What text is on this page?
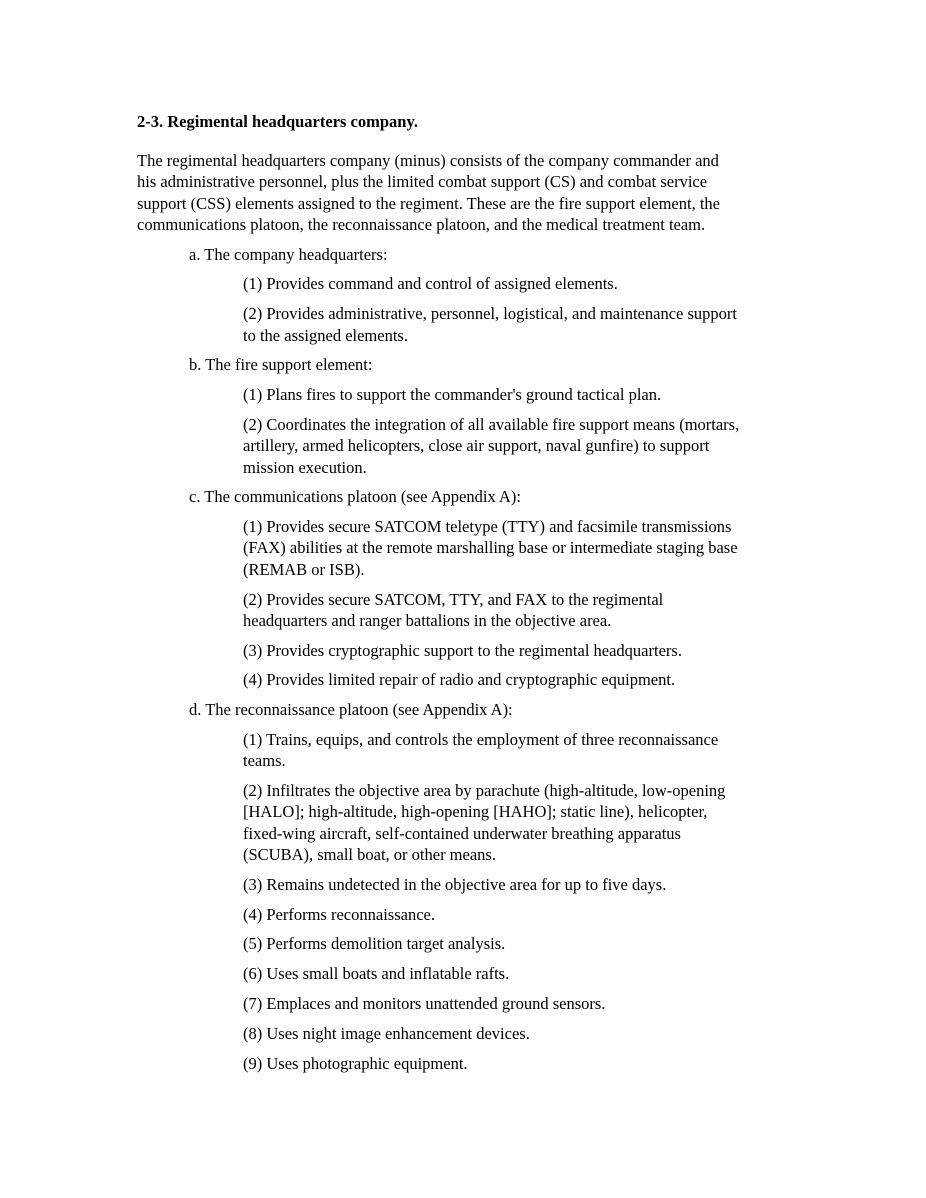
2-3. Regimental headquarters company.

The regimental headquarters company (minus) consists of the company commander and
his administrative personnel, plus the limited combat support (CS) and combat service
support (CSS) elements assigned to the regiment. These are the fire support element, the
communications platoon, the reconnaissance platoon, and the medical treatment team.

a. The company headquarters:

(1) Provides command and control of assigned elements.

(2) Provides administrative, personnel, logistical, and maintenance support
to the assigned elements.

b. The fire support element:

(1) Plans fires to support the commander's ground tactical plan.

(2) Coordinates the integration of all available fire support means (mortars,
artillery, armed helicopters, close air support, naval gunfire) to support
mission execution.

c. The communications platoon (see Appendix A):

(1) Provides secure SATCOM teletype (TTY) and facsimile transmissions
(FAX) abilities at the remote marshalling base or intermediate staging base
(REMAB or ISB).

(2) Provides secure SATCOM, TTY, and FAX to the regimental
headquarters and ranger battalions in the objective area.

(3) Provides cryptographic support to the regimental headquarters.

(4) Provides limited repair of radio and cryptographic equipment.

d. The reconnaissance platoon (see Appendix A):

(1) Trains, equips, and controls the employment of three reconnaissance
teams.

(2) Infiltrates the objective area by parachute (high-altitude, low-opening
[HALO]; high-altitude, high-opening [HAHO]; static line), helicopter,
fixed-wing aircraft, self-contained underwater breathing apparatus
(SCUBA), small boat, or other means.

(3) Remains undetected in the objective area for up to five days.

(4) Performs reconnaissance.

(5) Performs demolition target analysis.

(6) Uses small boats and inflatable rafts.

(7) Emplaces and monitors unattended ground sensors.

(8) Uses night image enhancement devices.

(9) Uses photographic equipment.
